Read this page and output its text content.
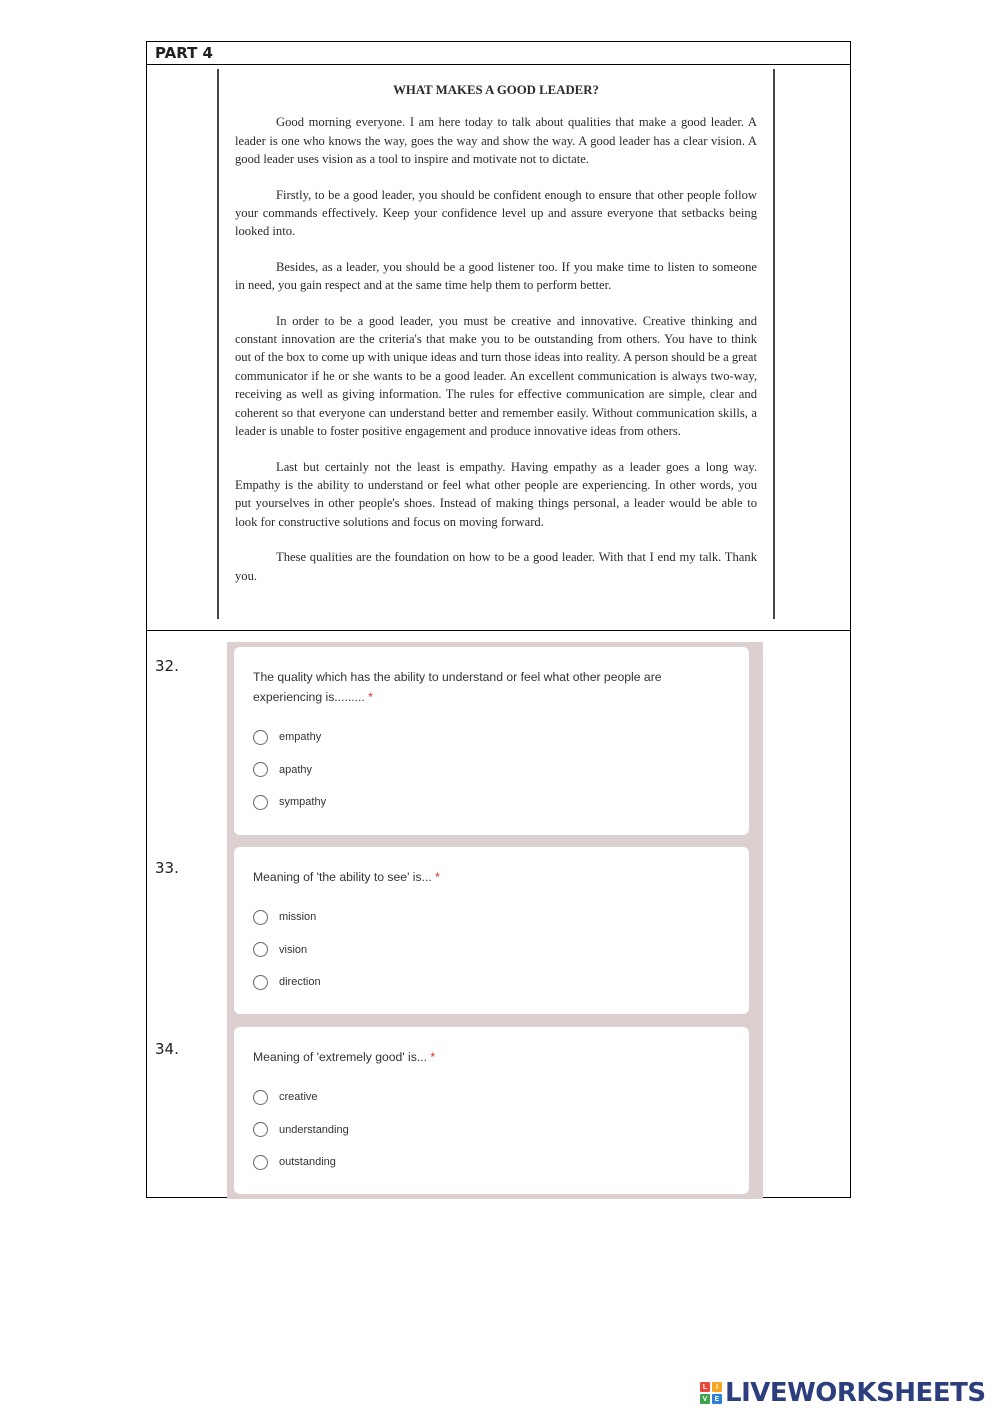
PART 4
WHAT MAKES A GOOD LEADER?

Good morning everyone. I am here today to talk about qualities that make a good leader. A leader is one who knows the way, goes the way and show the way. A good leader has a clear vision. A good leader uses vision as a tool to inspire and motivate not to dictate.

Firstly, to be a good leader, you should be confident enough to ensure that other people follow your commands effectively. Keep your confidence level up and assure everyone that setbacks being looked into.

Besides, as a leader, you should be a good listener too. If you make time to listen to someone in need, you gain respect and at the same time help them to perform better.

In order to be a good leader, you must be creative and innovative. Creative thinking and constant innovation are the criteria's that make you to be outstanding from others. You have to think out of the box to come up with unique ideas and turn those ideas into reality. A person should be a great communicator if he or she wants to be a good leader. An excellent communication is always two-way, receiving as well as giving information. The rules for effective communication are simple, clear and coherent so that everyone can understand better and remember easily. Without communication skills, a leader is unable to foster positive engagement and produce innovative ideas from others.

Last but certainly not the least is empathy. Having empathy as a leader goes a long way. Empathy is the ability to understand or feel what other people are experiencing. In other words, you put yourselves in other people's shoes. Instead of making things personal, a leader would be able to look for constructive solutions and focus on moving forward.

These qualities are the foundation on how to be a good leader. With that I end my talk. Thank you.

32.
33.
34.
The quality which has the ability to understand or feel what other people are experiencing is......... *
empathy
apathy
sympathy
Meaning of 'the ability to see' is... *
mission
vision
direction
Meaning of 'extremely good' is... *
creative
understanding
outstanding
L	I
V	E LIVEWORKSHEETS
